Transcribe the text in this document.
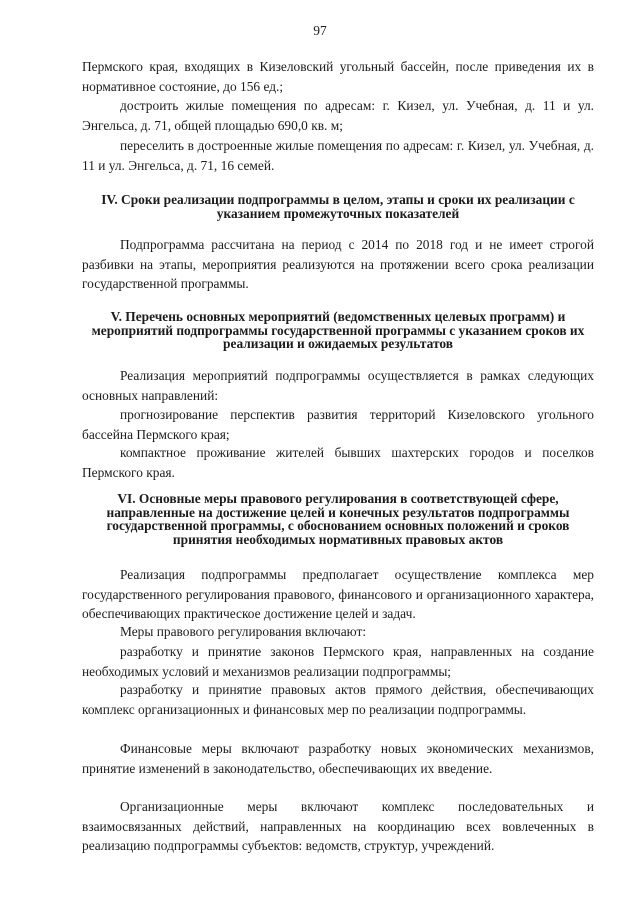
97
Пермского края, входящих в Кизеловский угольный бассейн, после приведения их в нормативное состояние, до 156 ед.;
достроить жилые помещения по адресам: г. Кизел, ул. Учебная, д. 11 и ул. Энгельса, д. 71, общей площадью 690,0 кв. м;
переселить в достроенные жилые помещения по адресам: г. Кизел, ул. Учебная, д. 11 и ул. Энгельса, д. 71, 16 семей.
IV. Сроки реализации подпрограммы в целом, этапы и сроки их реализации с указанием промежуточных показателей
Подпрограмма рассчитана на период с 2014 по 2018 год и не имеет строгой разбивки на этапы, мероприятия реализуются на протяжении всего срока реализации государственной программы.
V. Перечень основных мероприятий (ведомственных целевых программ) и мероприятий подпрограммы государственной программы с указанием сроков их реализации и ожидаемых результатов
Реализация мероприятий подпрограммы осуществляется в рамках следующих основных направлений:
прогнозирование перспектив развития территорий Кизеловского угольного бассейна Пермского края;
компактное проживание жителей бывших шахтерских городов и поселков Пермского края.
VI. Основные меры правового регулирования в соответствующей сфере, направленные на достижение целей и конечных результатов подпрограммы государственной программы, с обоснованием основных положений и сроков принятия необходимых нормативных правовых актов
Реализация подпрограммы предполагает осуществление комплекса мер государственного регулирования правового, финансового и организационного характера, обеспечивающих практическое достижение целей и задач.
Меры правового регулирования включают:
разработку и принятие законов Пермского края, направленных на создание необходимых условий и механизмов реализации подпрограммы;
разработку и принятие правовых актов прямого действия, обеспечивающих комплекс организационных и финансовых мер по реализации подпрограммы.
Финансовые меры включают разработку новых экономических механизмов, принятие изменений в законодательство, обеспечивающих их введение.
Организационные меры включают комплекс последовательных и взаимосвязанных действий, направленных на координацию всех вовлеченных в реализацию подпрограммы субъектов: ведомств, структур, учреждений.
